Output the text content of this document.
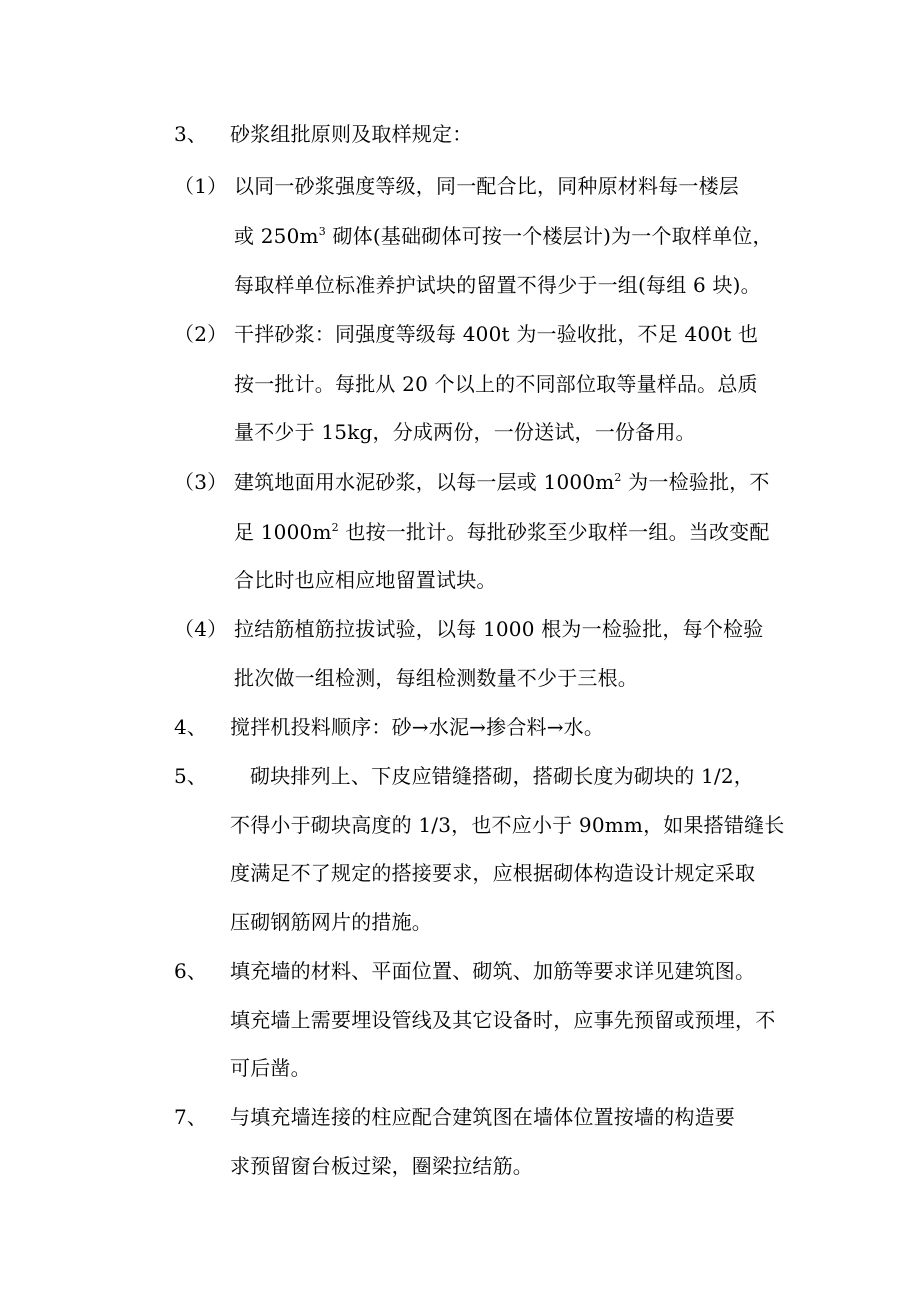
3、 砂浆组批原则及取样规定：
（1） 以同一砂浆强度等级，同一配合比，同种原材料每一楼层
或 $250m^3$ 砌体(基础砌体可按一个楼层计)为一个取样单位，
每取样单位标准养护试块的留置不得少于一组(每组 6 块)。
（2） 干拌砂浆：同强度等级每 400t 为一验收批，不足 400t 也
按一批计。每批从 20 个以上的不同部位取等量样品。总质
量不少于 15kg，分成两份，一份送试，一份备用。
（3） 建筑地面用水泥砂浆，以每一层或 $1000m^2$ 为一检验批，不
足 $1000m^2$ 也按一批计。每批砂浆至少取样一组。当改变配
合比时也应相应地留置试块。
（4） 拉结筋植筋拉拔试验，以每 1000 根为一检验批，每个检验
批次做一组检测，每组检测数量不少于三根。
4、 搅拌机投料顺序：砂→水泥→掺合料→水。
5、 砌块排列上、下皮应错缝搭砌，搭砌长度为砌块的 1/2，
不得小于砌块高度的 1/3，也不应小于 90mm，如果搭错缝长
度满足不了规定的搭接要求，应根据砌体构造设计规定采取
压砌钢筋网片的措施。
6、 填充墙的材料、平面位置、砌筑、加筋等要求详见建筑图。
填充墙上需要埋设管线及其它设备时，应事先预留或预埋，不
可后凿。
7、 与填充墙连接的柱应配合建筑图在墙体位置按墙的构造要
求预留窗台板过梁，圈梁拉结筋。
